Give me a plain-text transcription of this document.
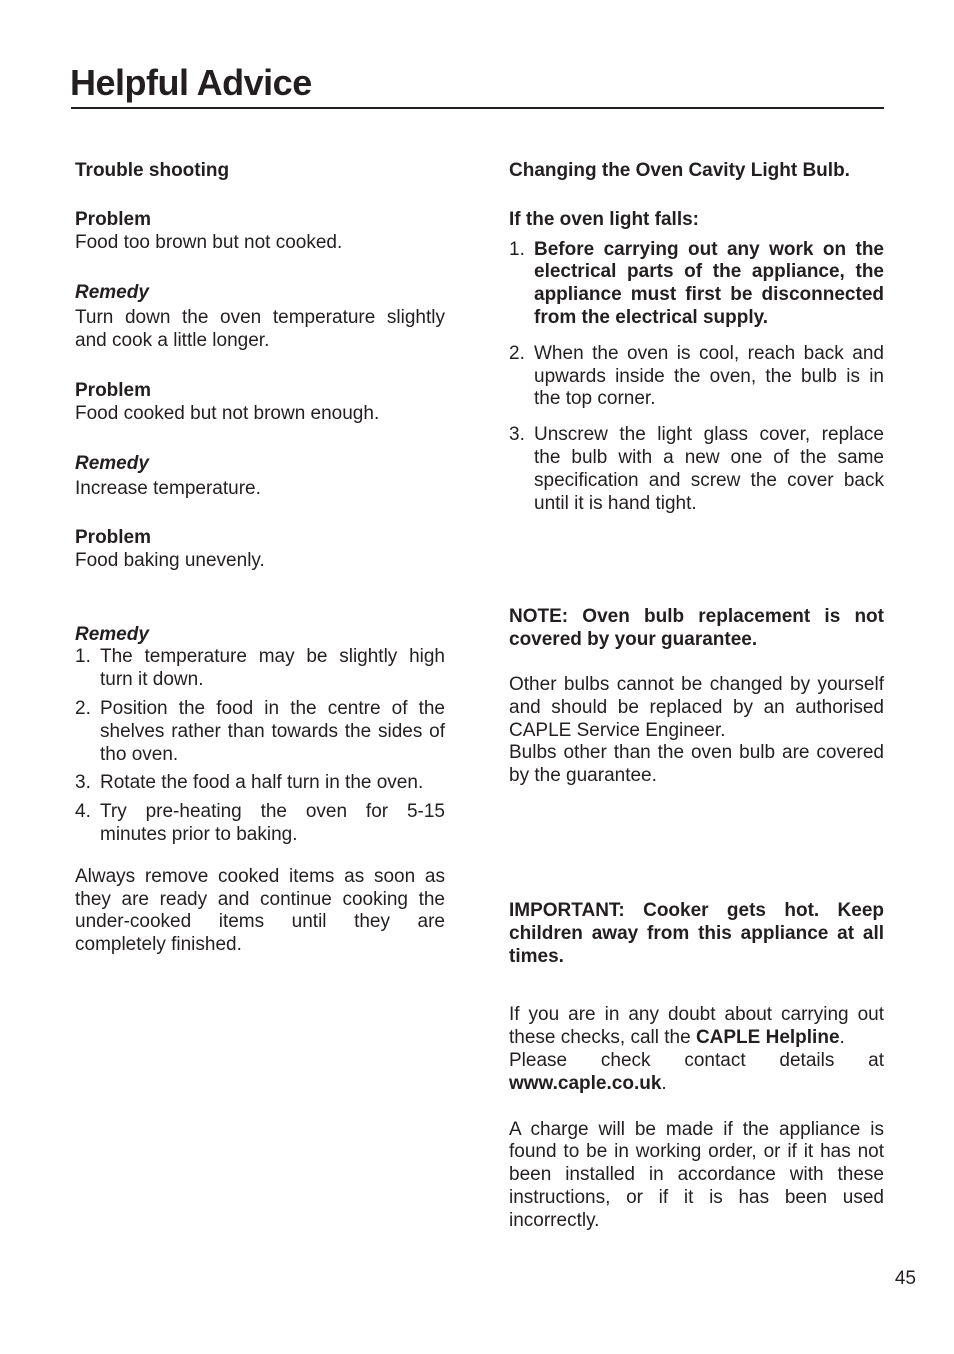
Helpful Advice

Trouble shooting

Problem

Food too brown but not cooked.

Remedy

Turn down the oven temperature slightly and cook a little longer.

Problem

Food cooked but not brown enough.

Remedy

Increase temperature.

Problem

Food baking unevenly.

Remedy

1. The temperature may be slightly high turn it down.
2. Position the food in the centre of the shelves rather than towards the sides of tho oven.
3. Rotate the food a half turn in the oven.
4. Try pre-heating the oven for 5-15 minutes prior to baking.

Always remove cooked items as soon as they are ready and continue cooking the under-cooked items until they are completely finished.

Changing the Oven Cavity Light Bulb.

If the oven light falls:

1. Before carrying out any work on the electrical parts of the appliance, the appliance must first be disconnected from the electrical supply.
2. When the oven is cool, reach back and upwards inside the oven, the bulb is in the top corner.
3. Unscrew the light glass cover, replace the bulb with a new one of the same specification and screw the cover back until it is hand tight.

NOTE: Oven bulb replacement is not covered by your guarantee.

Other bulbs cannot be changed by yourself and should be replaced by an authorised CAPLE Service Engineer.

Bulbs other than the oven bulb are covered by the guarantee.

IMPORTANT: Cooker gets hot. Keep children away from this appliance at all times.

If you are in any doubt about carrying out these checks, call the CAPLE Helpline.

Please check contact details at www.caple.co.uk.

A charge will be made if the appliance is found to be in working order, or if it has not been installed in accordance with these instructions, or if it is has been used incorrectly.

45
